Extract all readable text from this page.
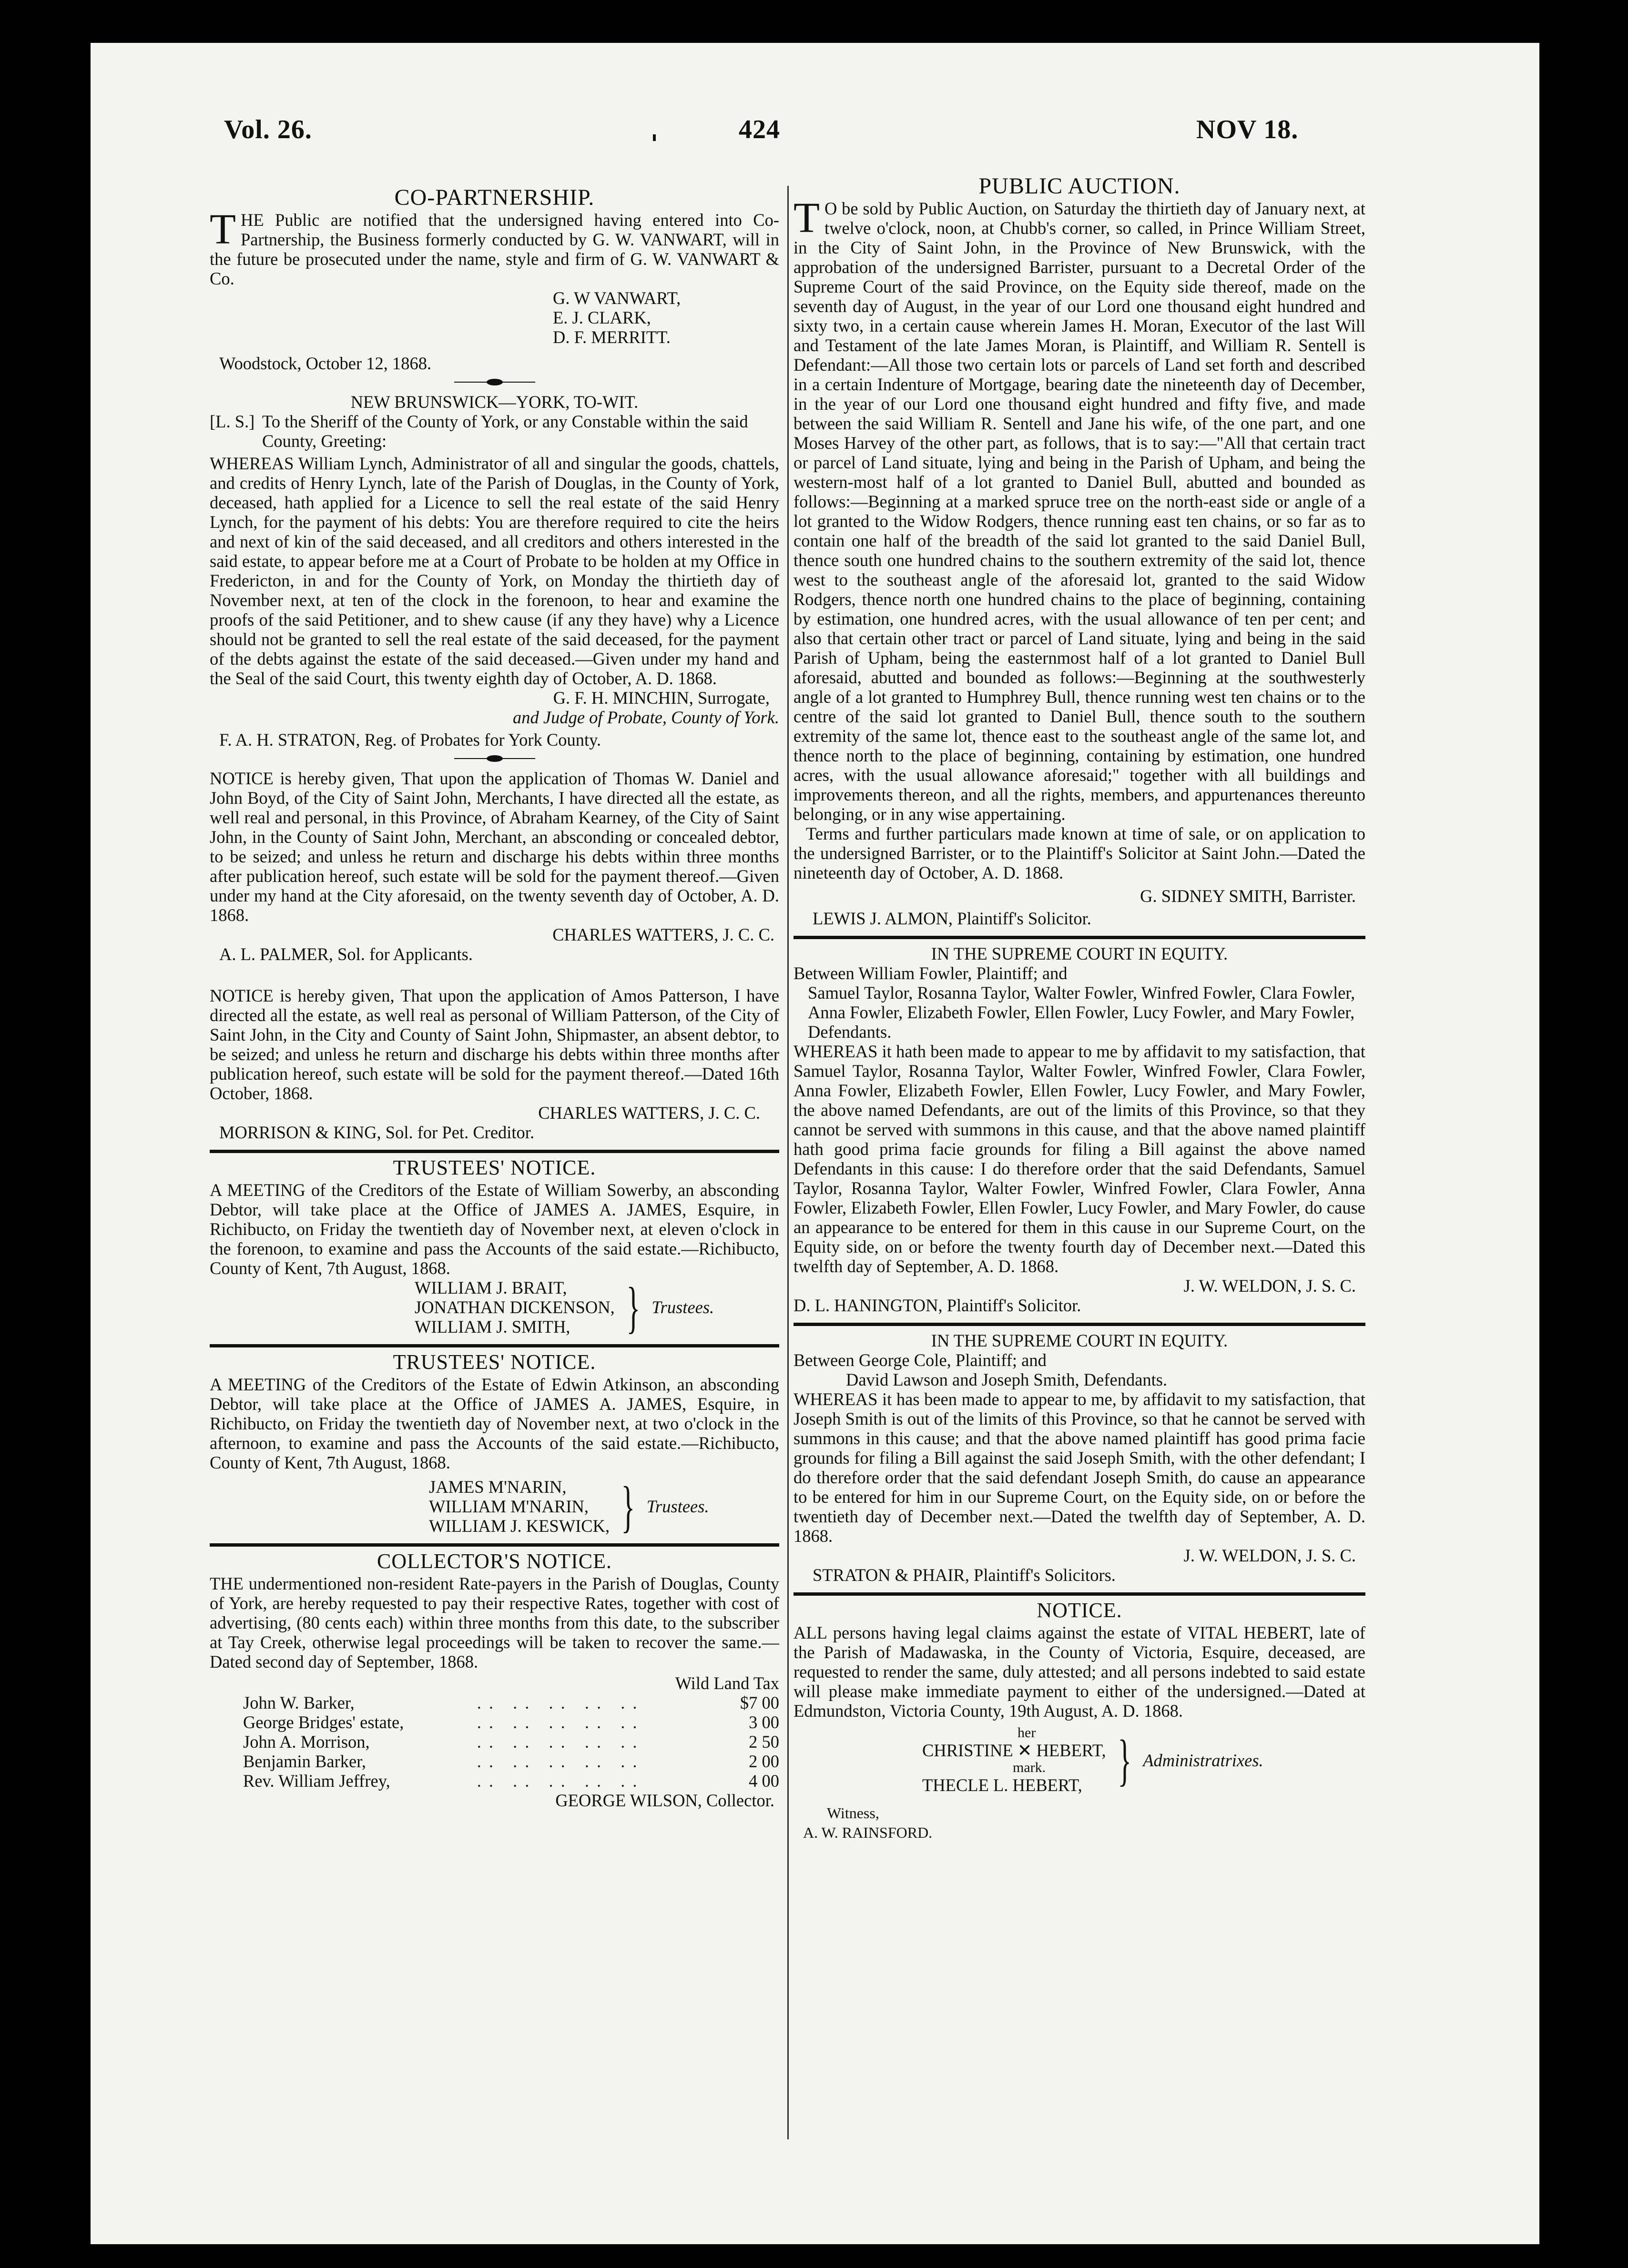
Vol. 26.	424	NOV 18.
CO-PARTNERSHIP.

THE Public are notified that the undersigned having entered into Co-Partnership, the Business formerly conducted by G. W. VANWART, will in the future be prosecuted under the name, style and firm of G. W. VANWART & Co.

G. W VANWART,
E. J. CLARK,
D. F. MERRITT.
Woodstock, October 12, 1868.
NEW BRUNSWICK—YORK, TO-WIT.
[L. S.] To the Sheriff of the County of York, or any Constable within the said County, Greeting:

WHEREAS William Lynch, Administrator of all and singular the goods, chattels, and credits of Henry Lynch, late of the Parish of Douglas, in the County of York, deceased, hath applied for a Licence to sell the real estate of the said Henry Lynch, for the payment of his debts: You are therefore required to cite the heirs and next of kin of the said deceased, and all creditors and others interested in the said estate, to appear before me at a Court of Probate to be holden at my Office in Fredericton, in and for the County of York, on Monday the thirtieth day of November next, at ten of the clock in the forenoon, to hear and examine the proofs of the said Petitioner, and to shew cause (if any they have) why a Licence should not be granted to sell the real estate of the said deceased, for the payment of the debts against the estate of the said deceased.—Given under my hand and the Seal of the said Court, this twenty eighth day of October, A. D. 1868.

G. F. H. MINCHIN, Surrogate,
and Judge of Probate, County of York.
F. A. H. STRATON, Reg. of Probates for York County.

NOTICE is hereby given, That upon the application of Thomas W. Daniel and John Boyd, of the City of Saint John, Merchants, I have directed all the estate, as well real and personal, in this Province, of Abraham Kearney, of the City of Saint John, in the County of Saint John, Merchant, an absconding or concealed debtor, to be seized; and unless he return and discharge his debts within three months after publication hereof, such estate will be sold for the payment thereof.—Given under my hand at the City aforesaid, on the twenty seventh day of October, A. D. 1868.

CHARLES WATTERS, J. C. C.
A. L. PALMER, Sol. for Applicants.

NOTICE is hereby given, That upon the application of Amos Patterson, I have directed all the estate, as well real as personal of William Patterson, of the City of Saint John, in the City and County of Saint John, Shipmaster, an absent debtor, to be seized; and unless he return and discharge his debts within three months after publication hereof, such estate will be sold for the payment thereof.—Dated 16th October, 1868.

CHARLES WATTERS, J. C. C.
MORRISON & KING, Sol. for Pet. Creditor.
TRUSTEES' NOTICE.

A MEETING of the Creditors of the Estate of William Sowerby, an absconding Debtor, will take place at the Office of JAMES A. JAMES, Esquire, in Richibucto, on Friday the twentieth day of November next, at eleven o'clock in the forenoon, to examine and pass the Accounts of the said estate.—Richibucto, County of Kent, 7th August, 1868.

WILLIAM J. BRAIT,
JONATHAN DICKENSON,
WILLIAM J. SMITH, } Trustees.
TRUSTEES' NOTICE.

A MEETING of the Creditors of the Estate of Edwin Atkinson, an absconding Debtor, will take place at the Office of JAMES A. JAMES, Esquire, in Richibucto, on Friday the twentieth day of November next, at two o'clock in the afternoon, to examine and pass the Accounts of the said estate.—Richibucto, County of Kent, 7th August, 1868.

JAMES M'NARIN,
WILLIAM M'NARIN,
WILLIAM J. KESWICK, } Trustees.
COLLECTOR'S NOTICE.

THE undermentioned non-resident Rate-payers in the Parish of Douglas, County of York, are hereby requested to pay their respective Rates, together with cost of advertising, (80 cents each) within three months from this date, to the subscriber at Tay Creek, otherwise legal proceedings will be taken to recover the same.—Dated second day of September, 1868.

Wild Land Tax
John W. Barker,	.. .. .. .. ..	$7 00
George Bridges' estate,	.. .. .. .. ..	3 00
John A. Morrison,	.. .. .. .. ..	2 50
Benjamin Barker,	.. .. .. .. ..	2 00
Rev. William Jeffrey,	.. .. .. .. ..	4 00
GEORGE WILSON, Collector.
PUBLIC AUCTION.

T O be sold by Public Auction, on Saturday the thirtieth day of January next, at twelve o'clock, noon, at Chubb's corner, so called, in Prince William Street, in the City of Saint John, in the Province of New Brunswick, with the approbation of the undersigned Barrister, pursuant to a Decretal Order of the Supreme Court of the said Province, on the Equity side thereof, made on the seventh day of August, in the year of our Lord one thousand eight hundred and sixty two, in a certain cause wherein James H. Moran, Executor of the last Will and Testament of the late James Moran, is Plaintiff, and William R. Sentell is Defendant:—All those two certain lots or parcels of Land set forth and described in a certain Indenture of Mortgage, bearing date the nineteenth day of December, in the year of our Lord one thousand eight hundred and fifty five, and made between the said William R. Sentell and Jane his wife, of the one part, and one Moses Harvey of the other part, as follows, that is to say:—"All that certain tract or parcel of Land situate, lying and being in the Parish of Upham, and being the western-most half of a lot granted to Daniel Bull, abutted and bounded as follows:—Beginning at a marked spruce tree on the north-east side or angle of a lot granted to the Widow Rodgers, thence running east ten chains, or so far as to contain one half of the breadth of the said lot granted to the said Daniel Bull, thence south one hundred chains to the southern extremity of the said lot, thence west to the southeast angle of the aforesaid lot, granted to the said Widow Rodgers, thence north one hundred chains to the place of beginning, containing by estimation, one hundred acres, with the usual allowance of ten per cent; and also that certain other tract or parcel of Land situate, lying and being in the said Parish of Upham, being the easternmost half of a lot granted to Daniel Bull aforesaid, abutted and bounded as follows:—Beginning at the southwesterly angle of a lot granted to Humphrey Bull, thence running west ten chains or to the centre of the said lot granted to Daniel Bull, thence south to the southern extremity of the same lot, thence east to the southeast angle of the same lot, and thence north to the place of beginning, containing by estimation, one hundred acres, with the usual allowance aforesaid;" together with all buildings and improvements thereon, and all the rights, members, and appurtenances thereunto belonging, or in any wise appertaining.

Terms and further particulars made known at time of sale, or on application to the undersigned Barrister, or to the Plaintiff's Solicitor at Saint John.—Dated the nineteenth day of October, A. D. 1868.

G. SIDNEY SMITH, Barrister.
LEWIS J. ALMON, Plaintiff's Solicitor.
IN THE SUPREME COURT IN EQUITY.
Between William Fowler, Plaintiff; and
Samuel Taylor, Rosanna Taylor, Walter Fowler, Winfred Fowler, Clara Fowler, Anna Fowler, Elizabeth Fowler, Ellen Fowler, Lucy Fowler, and Mary Fowler, Defendants.

WHEREAS it hath been made to appear to me by affidavit to my satisfaction, that Samuel Taylor, Rosanna Taylor, Walter Fowler, Winfred Fowler, Clara Fowler, Anna Fowler, Elizabeth Fowler, Ellen Fowler, Lucy Fowler, and Mary Fowler, the above named Defendants, are out of the limits of this Province, so that they cannot be served with summons in this cause, and that the above named plaintiff hath good prima facie grounds for filing a Bill against the above named Defendants in this cause: I do therefore order that the said Defendants, Samuel Taylor, Rosanna Taylor, Walter Fowler, Winfred Fowler, Clara Fowler, Anna Fowler, Elizabeth Fowler, Ellen Fowler, Lucy Fowler, and Mary Fowler, do cause an appearance to be entered for them in this cause in our Supreme Court, on the Equity side, on or before the twenty fourth day of December next.—Dated this twelfth day of September, A. D. 1868.

J. W. WELDON, J. S. C.
D. L. HANINGTON, Plaintiff's Solicitor.
IN THE SUPREME COURT IN EQUITY.
Between George Cole, Plaintiff; and
David Lawson and Joseph Smith, Defendants.

WHEREAS it has been made to appear to me, by affidavit to my satisfaction, that Joseph Smith is out of the limits of this Province, so that he cannot be served with summons in this cause; and that the above named plaintiff has good prima facie grounds for filing a Bill against the said Joseph Smith, with the other defendant; I do therefore order that the said defendant Joseph Smith, do cause an appearance to be entered for him in our Supreme Court, on the Equity side, on or before the twentieth day of December next.—Dated the twelfth day of September, A. D. 1868.

J. W. WELDON, J. S. C.
STRATON & PHAIR, Plaintiff's Solicitors.
NOTICE.

ALL persons having legal claims against the estate of VITAL HEBERT, late of the Parish of Madawaska, in the County of Victoria, Esquire, deceased, are requested to render the same, duly attested; and all persons indebted to said estate will please make immediate payment to either of the undersigned.—Dated at Edmundston, Victoria County, 19th August, A. D. 1868.

her
CHRISTINE ✕ HEBERT,
mark.
THECLE L. HEBERT, } Administratrixes.
Witness,
A. W. RAINSFORD.
